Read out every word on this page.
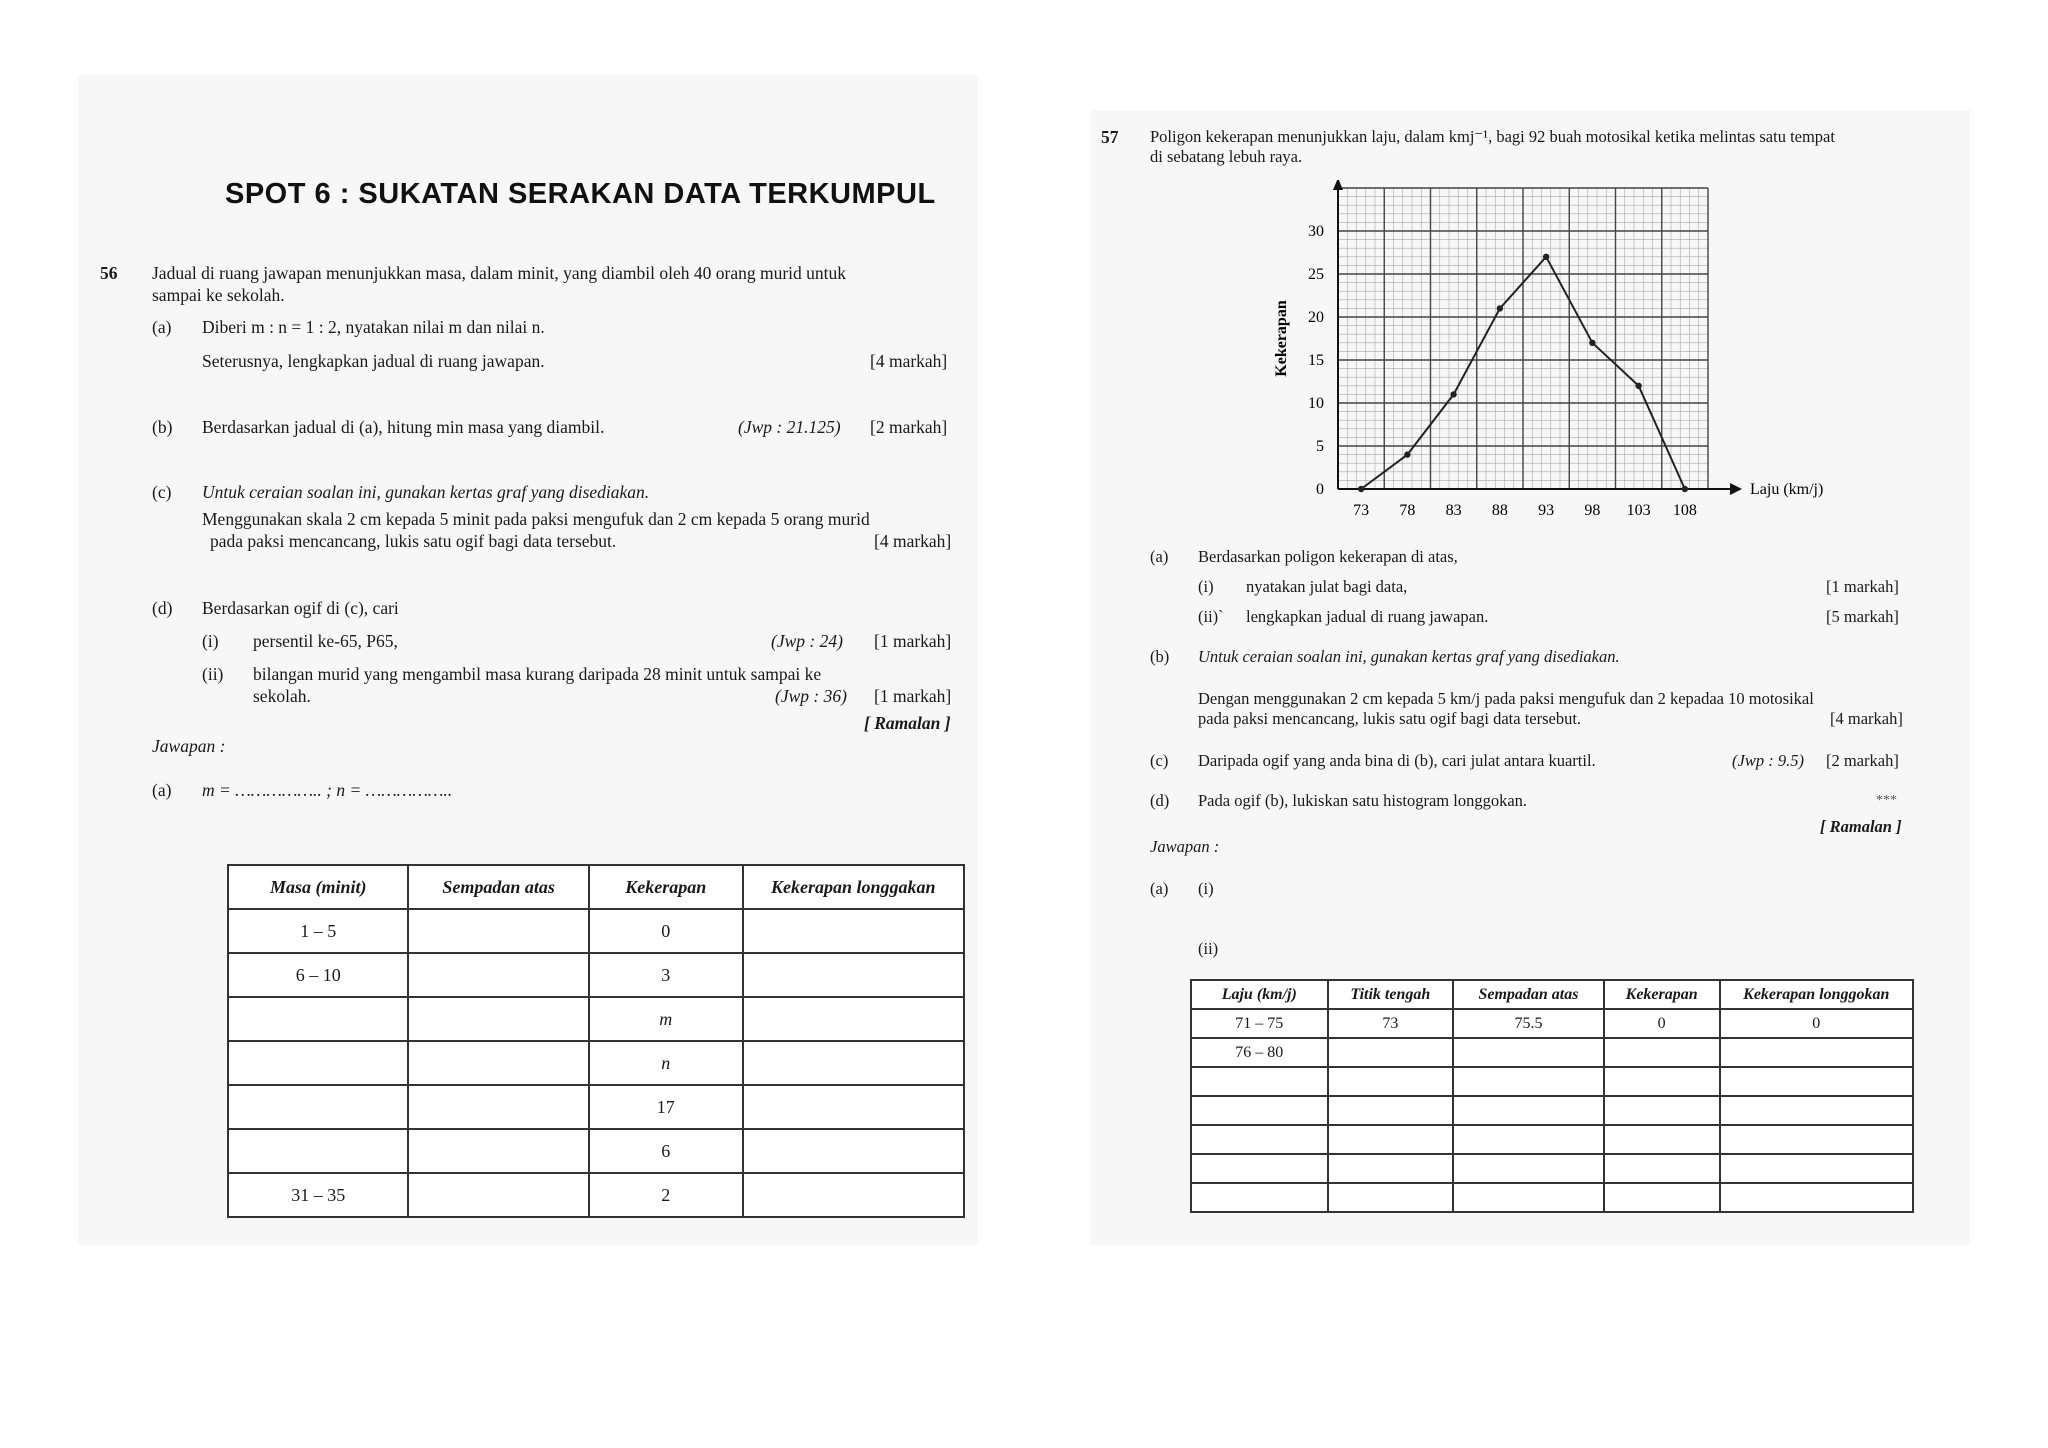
SPOT 6 : SUKATAN SERAKAN DATA TERKUMPUL
56 Jadual di ruang jawapan menunjukkan masa, dalam minit, yang diambil oleh 40 orang murid untuk
sampai ke sekolah.
(a) Diberi m : n = 1 : 2, nyatakan nilai m dan nilai n.
Seterusnya, lengkapkan jadual di ruang jawapan.	[4 markah]
(b) Berdasarkan jadual di (a), hitung min masa yang diambil.	(Jwp : 21.125) [2 markah]
(c) Untuk ceraian soalan ini, gunakan kertas graf yang disediakan.
Menggunakan skala 2 cm kepada 5 minit pada paksi mengufuk dan 2 cm kepada 5 orang murid
pada paksi mencancang, lukis satu ogif bagi data tersebut.	[4 markah]
(d) Berdasarkan ogif di (c), cari
(i) persentil ke-65, P65,	(Jwp : 24) [1 markah]
(ii) bilangan murid yang mengambil masa kurang daripada 28 minit untuk sampai ke
sekolah.	(Jwp : 36) [1 markah]
[ Ramalan ]
Jawapan :
(a) m = …………….. ; n = ……………..
Masa (minit)	Sempadan atas	Kekerapan	Kekerapan longgakan
1 – 5		0	
6 – 10		3	
		m	
		n	
		17	
		6	
31 – 35		2	
57 Poligon kekerapan menunjukkan laju, dalam kmj⁻¹, bagi 92 buah motosikal ketika melintas satu tempat
di sebatang lebuh raya.
0
5
10
15
20
25
30
73 78 83 88 93 98 103 108
Kekerapan
Laju (km/j)
(a) Berdasarkan poligon kekerapan di atas,
(i) nyatakan julat bagi data,	[1 markah]
(ii)` lengkapkan jadual di ruang jawapan.	[5 markah]
(b) Untuk ceraian soalan ini, gunakan kertas graf yang disediakan.
Dengan menggunakan 2 cm kepada 5 km/j pada paksi mengufuk dan 2 kepadaa 10 motosikal
pada paksi mencancang, lukis satu ogif bagi data tersebut.	[4 markah]
(c) Daripada ogif yang anda bina di (b), cari julat antara kuartil.	(Jwp : 9.5) [2 markah]
(d) Pada ogif (b), lukiskan satu histogram longgokan.	***
[ Ramalan ]
Jawapan :
(a) (i)
(ii)
Laju (km/j)	Titik tengah	Sempadan atas	Kekerapan	Kekerapan longgokan
71 – 75	73	75.5	0	0
76 – 80				
